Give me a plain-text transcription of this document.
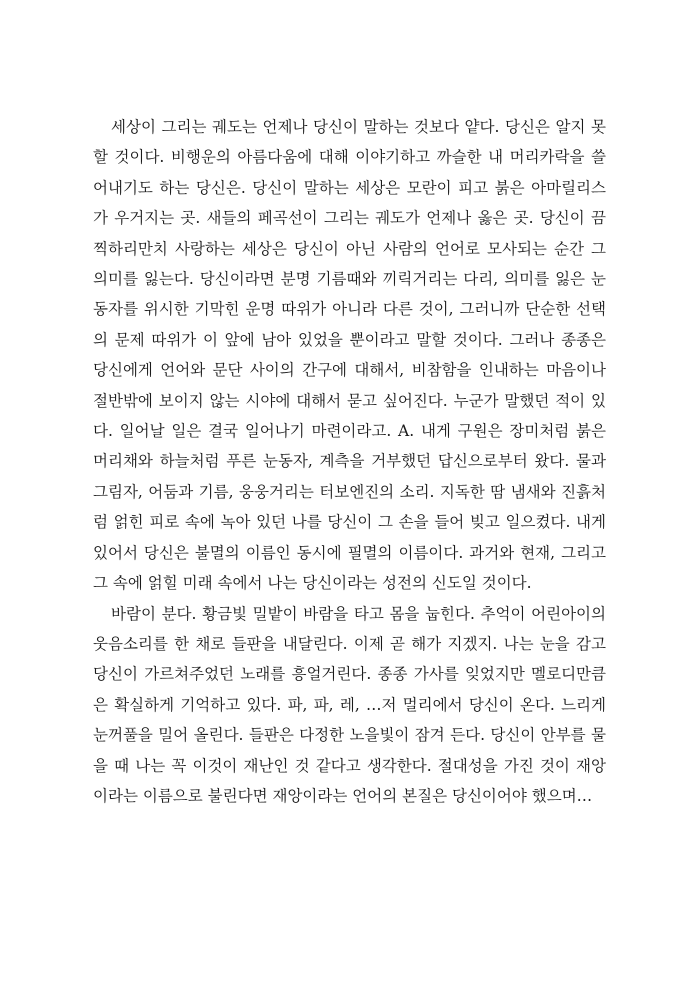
세상이 그리는 궤도는 언제나 당신이 말하는 것보다 얕다. 당신은 알지 못할 것이다. 비행운의 아름다움에 대해 이야기하고 까슬한 내 머리카락을 쓸어내기도 하는 당신은. 당신이 말하는 세상은 모란이 피고 붉은 아마릴리스가 우거지는 곳. 새들의 페곡선이 그리는 궤도가 언제나 옳은 곳. 당신이 끔찍하리만치 사랑하는 세상은 당신이 아닌 사람의 언어로 모사되는 순간 그 의미를 잃는다. 당신이라면 분명 기름때와 끼릭거리는 다리, 의미를 잃은 눈동자를 위시한 기막힌 운명 따위가 아니라 다른 것이, 그러니까 단순한 선택의 문제 따위가 이 앞에 남아 있었을 뿐이라고 말할 것이다. 그러나 종종은 당신에게 언어와 문단 사이의 간구에 대해서, 비참함을 인내하는 마음이나 절반밖에 보이지 않는 시야에 대해서 묻고 싶어진다. 누군가 말했던 적이 있다. 일어날 일은 결국 일어나기 마련이라고. A. 내게 구원은 장미처럼 붉은 머리채와 하늘처럼 푸른 눈동자, 계측을 거부했던 답신으로부터 왔다. 물과 그림자, 어둠과 기름, 웅웅거리는 터보엔진의 소리. 지독한 땀 냄새와 진흙처럼 얽힌 피로 속에 녹아 있던 나를 당신이 그 손을 들어 빚고 일으켰다. 내게 있어서 당신은 불멸의 이름인 동시에 필멸의 이름이다. 과거와 현재, 그리고 그 속에 얽힐 미래 속에서 나는 당신이라는 성전의 신도일 것이다.

바람이 분다. 황금빛 밀밭이 바람을 타고 몸을 눕힌다. 추억이 어린아이의 웃음소리를 한 채로 들판을 내달린다. 이제 곧 해가 지겠지. 나는 눈을 감고 당신이 가르쳐주었던 노래를 흥얼거린다. 종종 가사를 잊었지만 멜로디만큼은 확실하게 기억하고 있다. 파, 파, 레, …저 멀리에서 당신이 온다. 느리게 눈꺼풀을 밀어 올린다. 들판은 다정한 노을빛이 잠겨 든다. 당신이 안부를 물을 때 나는 꼭 이것이 재난인 것 같다고 생각한다. 절대성을 가진 것이 재앙이라는 이름으로 불린다면 재앙이라는 언어의 본질은 당신이어야 했으며…
